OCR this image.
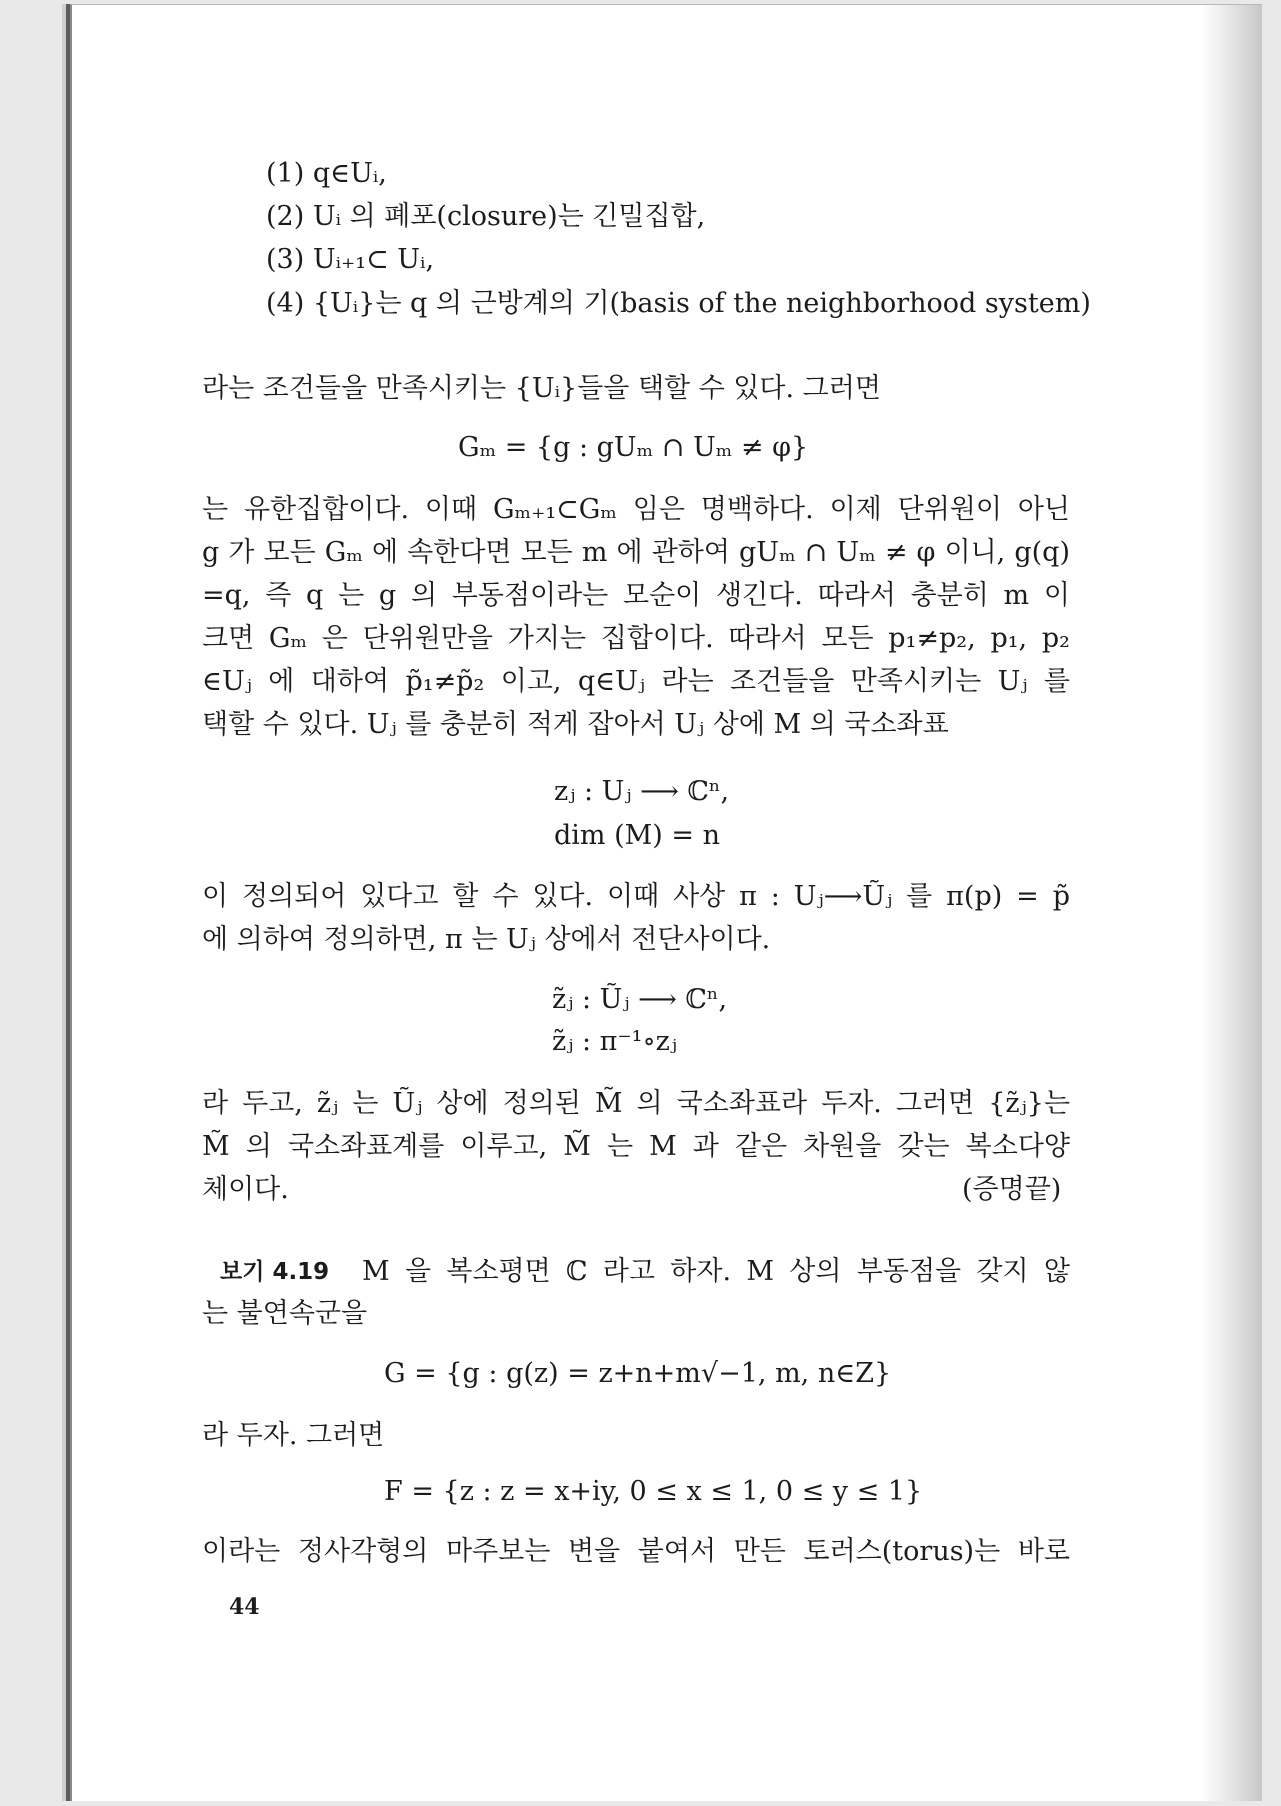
(1) q∈Uᵢ,
(2) Uᵢ 의 폐포(closure)는 긴밀집합,
(3) Uᵢ₊₁⊂ Uᵢ,
(4) {Uᵢ}는 q 의 근방계의 기(basis of the neighborhood system)
라는 조건들을 만족시키는 {Uᵢ}들을 택할 수 있다. 그러면
Gₘ = {g : gUₘ ∩ Uₘ ≠ φ}
는 유한집합이다. 이때 Gₘ₊₁⊂Gₘ 임은 명백하다. 이제 단위원이 아닌
g 가 모든 Gₘ 에 속한다면 모든 m 에 관하여 gUₘ ∩ Uₘ ≠ φ 이니, g(q)
=q, 즉 q 는 g 의 부동점이라는 모순이 생긴다. 따라서 충분히 m 이
크면 Gₘ 은 단위원만을 가지는 집합이다. 따라서 모든 p₁≠p₂, p₁, p₂
∈Uⱼ 에 대하여 p̃₁≠p̃₂ 이고, q∈Uⱼ 라는 조건들을 만족시키는 Uⱼ 를
택할 수 있다. Uⱼ 를 충분히 적게 잡아서 Uⱼ 상에 M 의 국소좌표
zⱼ : Uⱼ ⟶ ℂⁿ,
dim (M) = n
이 정의되어 있다고 할 수 있다. 이때 사상 π : Uⱼ⟶Ũⱼ 를 π(p) = p̃
에 의하여 정의하면, π 는 Uⱼ 상에서 전단사이다.
z̃ⱼ : Ũⱼ ⟶ ℂⁿ,
z̃ⱼ : π⁻¹∘zⱼ
라 두고, z̃ⱼ 는 Ũⱼ 상에 정의된 M̃ 의 국소좌표라 두자. 그러면 {z̃ⱼ}는
M̃ 의 국소좌표계를 이루고, M̃ 는 M 과 같은 차원을 갖는 복소다양
체이다.	(증명끝)
보기 4.19 M 을 복소평면 ℂ 라고 하자. M 상의 부동점을 갖지 않
는 불연속군을
G = {g : g(z) = z+n+m√−1, m, n∈Z}
라 두자. 그러면
F = {z : z = x+iy, 0 ≤ x ≤ 1, 0 ≤ y ≤ 1}
이라는 정사각형의 마주보는 변을 붙여서 만든 토러스(torus)는 바로
44
